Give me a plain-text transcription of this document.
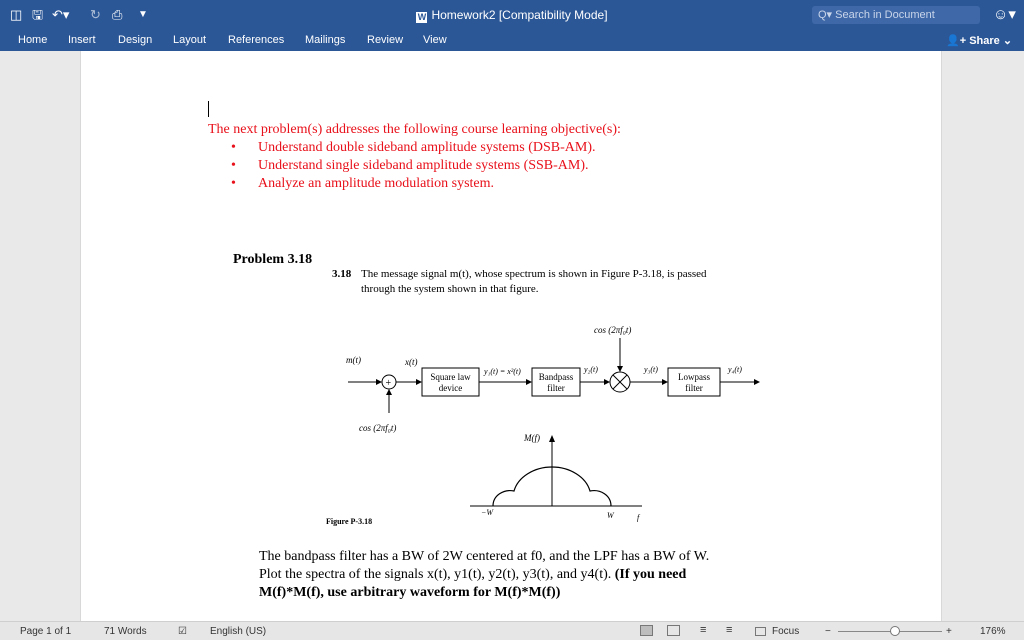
◫ 🖫 ↶▾ ↻ ⎙ ▼	W Homework2 [Compatibility Mode]	Q▾ Search in Document	☺▾
Home Insert Design Layout References Mailings Review View	👤+ Share ⌄
The next problem(s) addresses the following course learning objective(s):
• Understand double sideband amplitude systems (DSB-AM).
• Understand single sideband amplitude systems (SSB-AM).
• Analyze an amplitude modulation system.
Problem 3.18
3.18 The message signal m(t), whose spectrum is shown in Figure P-3.18, is passed
through the system shown in that figure.
cos (2πf₀t)
m(t)
+
x(t)
Square law
device
y₁(t) = x²(t)
Bandpass
filter
y₂(t)	y₃(t)
Lowpass
filter
y₄(t)
cos (2πf₀t)
M(f)
−W	W	f
Figure P-3.18
The bandpass filter has a BW of 2W centered at f0, and the LPF has a BW of W.
Plot the spectra of the signals x(t), y1(t), y2(t), y3(t), and y4(t). (If you need
M(f)*M(f), use arbitrary waveform for M(f)*M(f))
Page 1 of 1	71 Words	☑ English (US)	≡ ≡	Focus	−	+	176%
